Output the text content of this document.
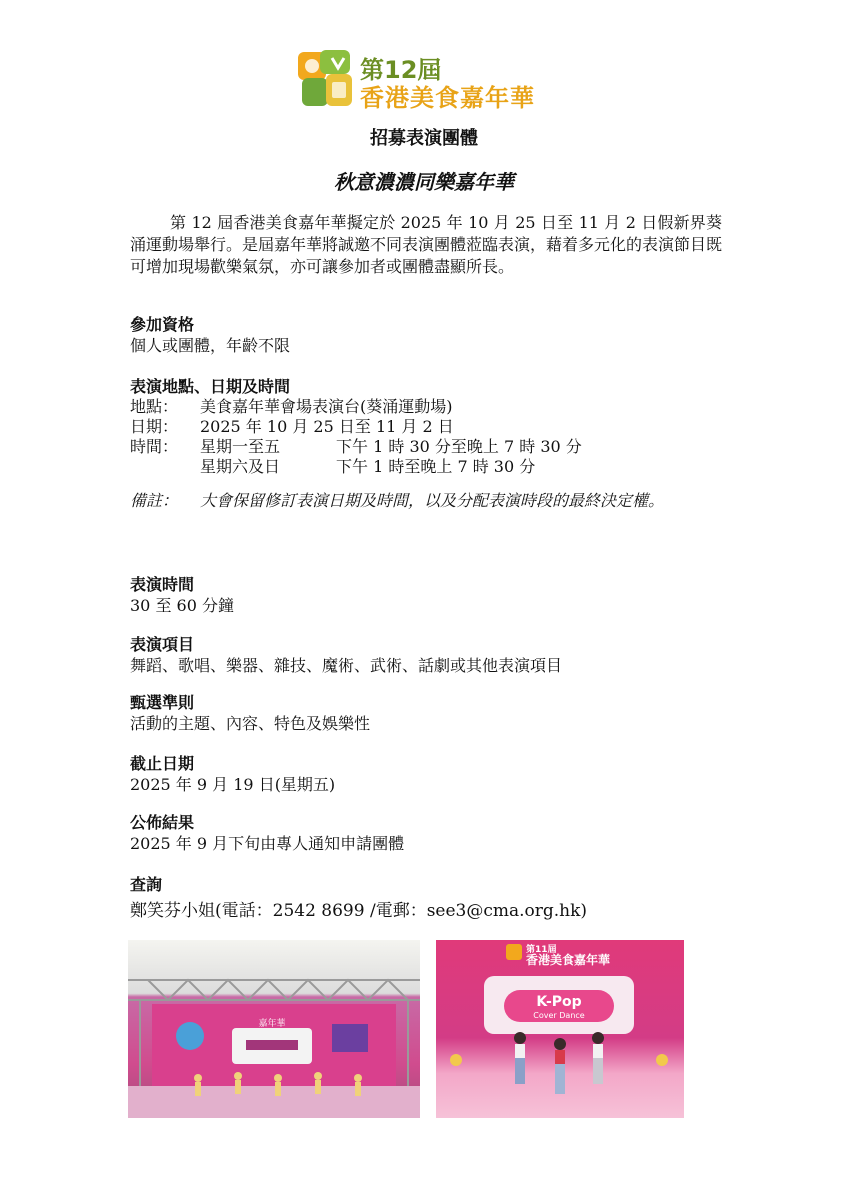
第12屆
香港美食嘉年華
招募表演團體
秋意濃濃同樂嘉年華
第 12 屆香港美食嘉年華擬定於 2025 年 10 月 25 日至 11 月 2 日假新界葵涌運動場舉行。是屆嘉年華將誠邀不同表演團體蒞臨表演，藉着多元化的表演節目既可增加現場歡樂氣氛，亦可讓參加者或團體盡顯所長。
參加資格
個人或團體，年齡不限
表演地點、日期及時間
地點： 美食嘉年華會場表演台(葵涌運動場)
日期： 2025 年 10 月 25 日至 11 月 2 日
時間： 星期一至五	下午 1 時 30 分至晚上 7 時 30 分
星期六及日	下午 1 時至晚上 7 時 30 分
備註： 大會保留修訂表演日期及時間，以及分配表演時段的最終決定權。
表演時間
30 至 60 分鐘
表演項目
舞蹈、歌唱、樂器、雜技、魔術、武術、話劇或其他表演項目
甄選準則
活動的主題、內容、特色及娛樂性
截止日期
2025 年 9 月 19 日(星期五)
公佈結果
2025 年 9 月下旬由專人通知申請團體
查詢
鄭笑芬小姐(電話：2542 8699 /電郵：see3@cma.org.hk)
嘉年華
第11屆
香港美食嘉年華
K-Pop
Cover Dance
